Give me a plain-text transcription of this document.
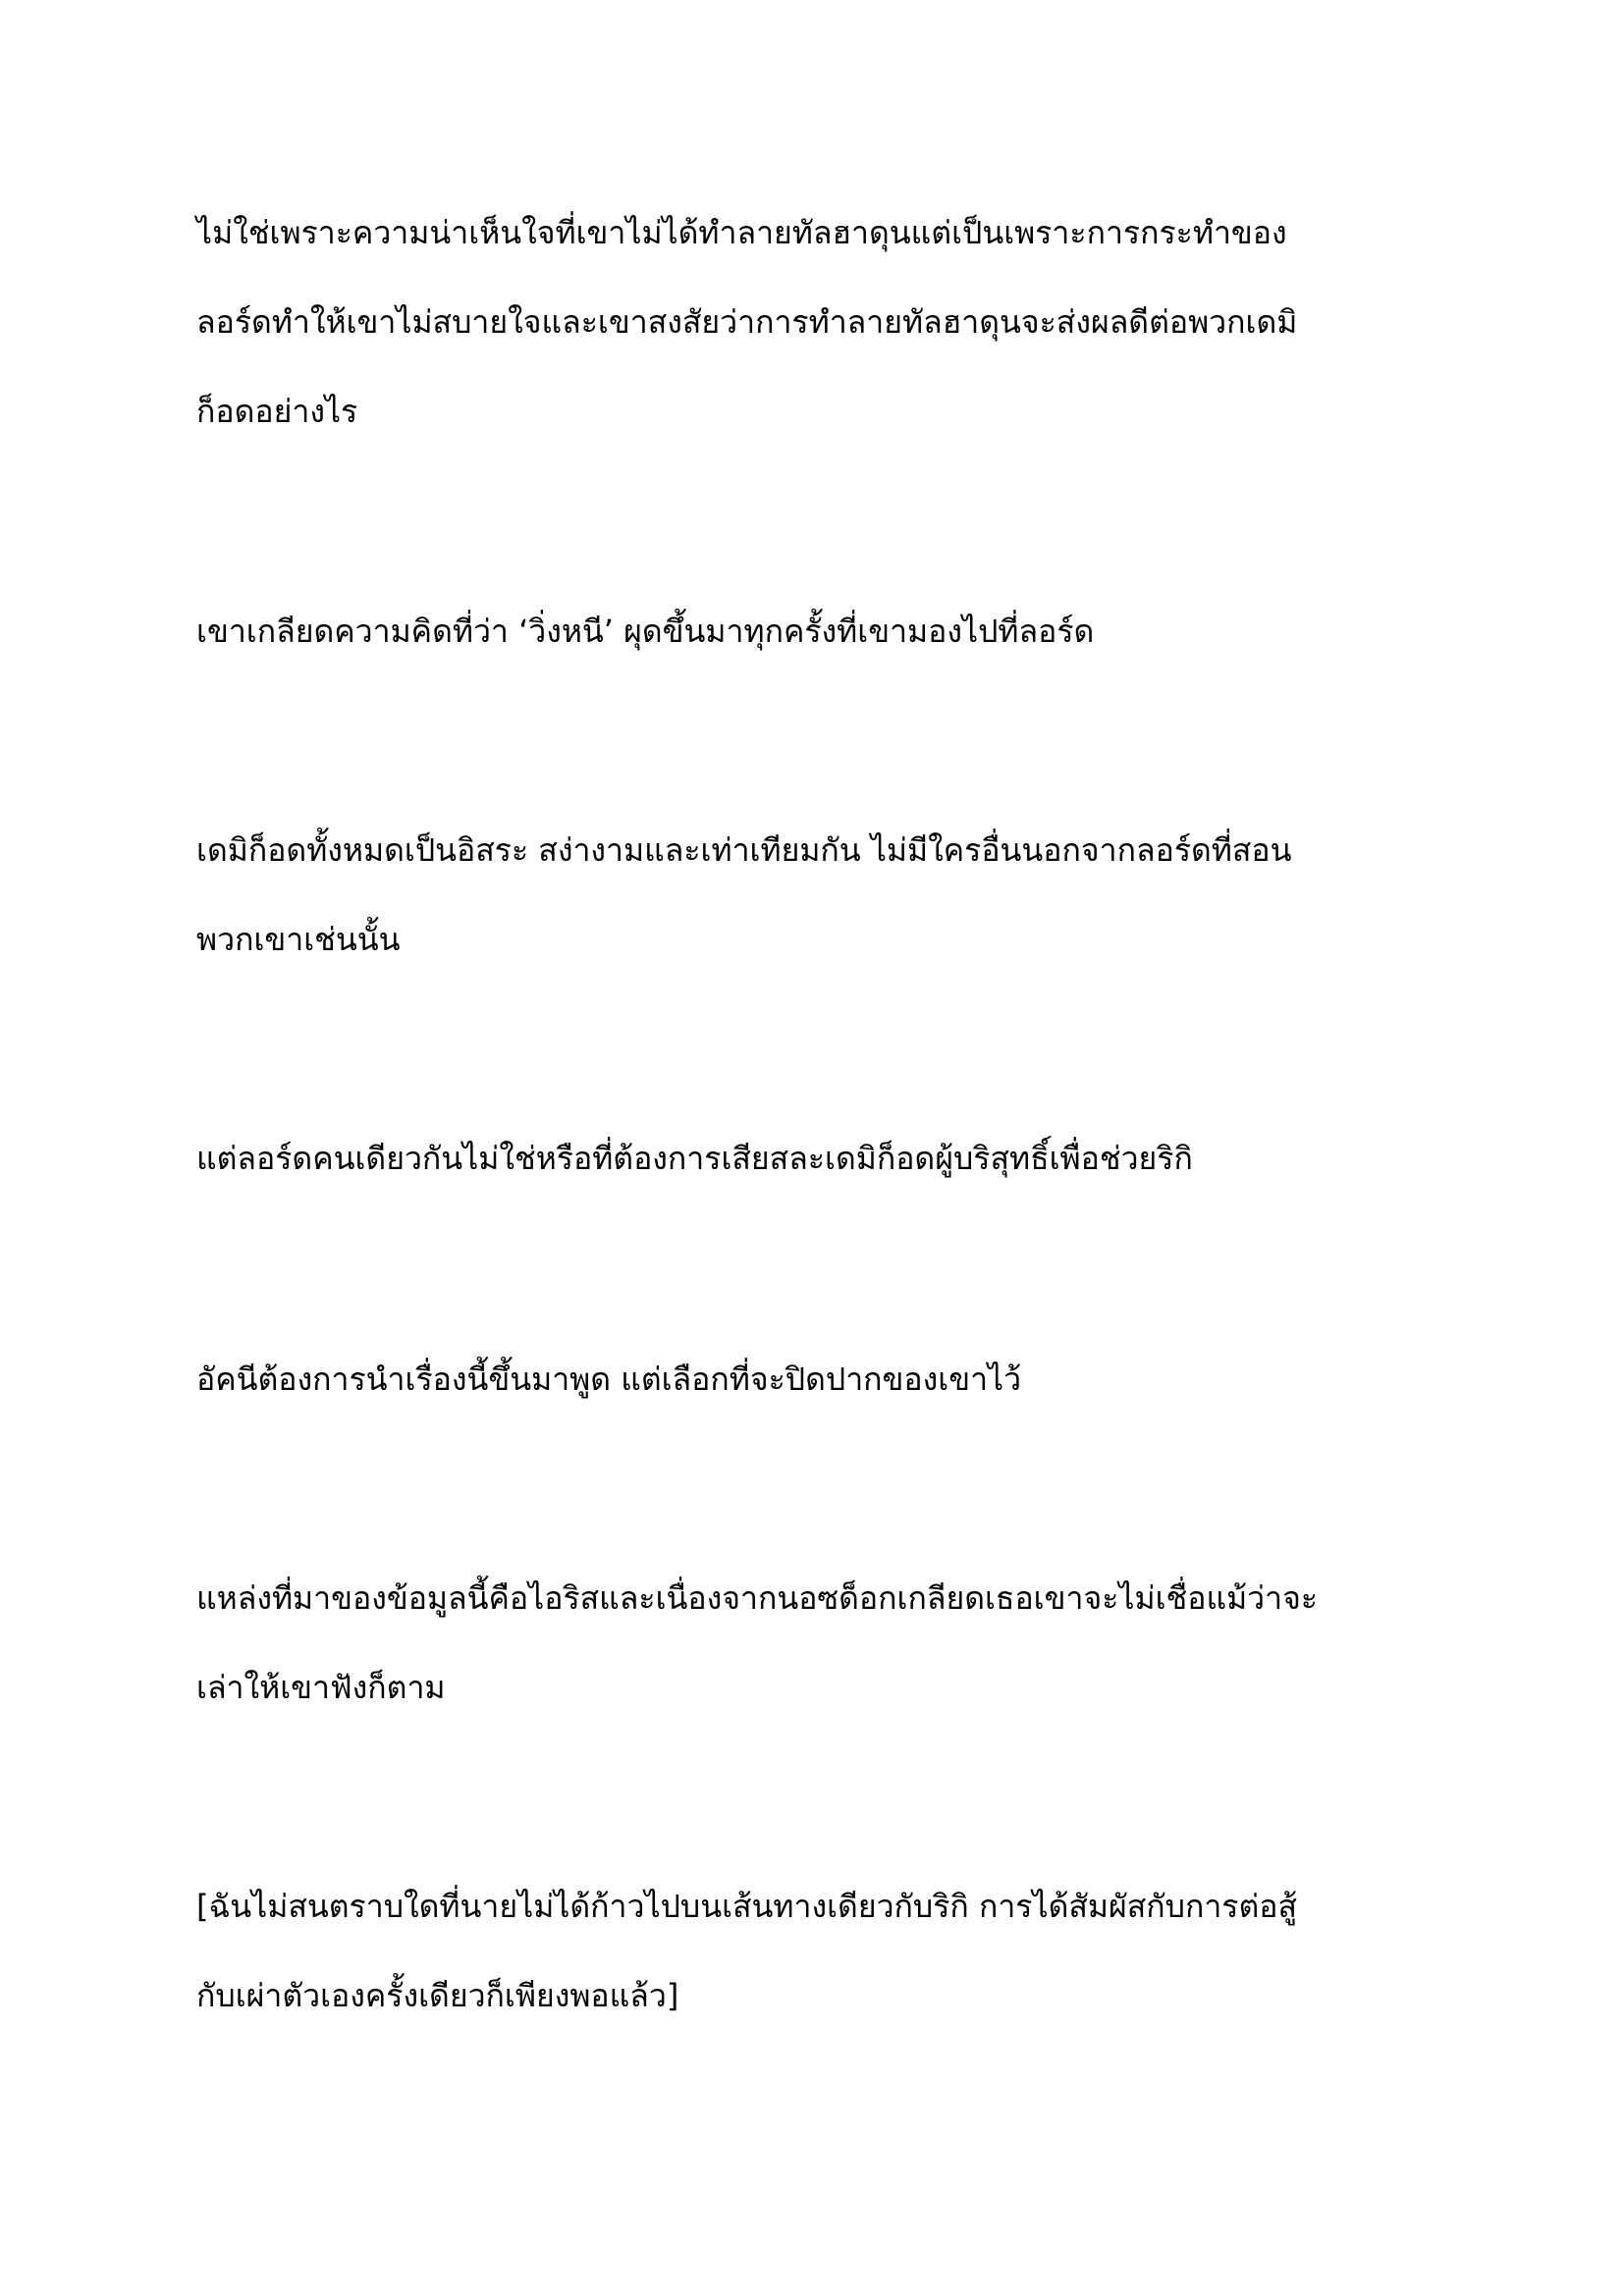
ไม่ใช่เพราะความน่าเห็นใจที่เขาไม่ได้ทำลายทัลฮาดุนแต่เป็นเพราะการกระทำของ

ลอร์ดทำให้เขาไม่สบายใจและเขาสงสัยว่าการทำลายทัลฮาดุนจะส่งผลดีต่อพวกเดมิ

ก็อดอย่างไร

เขาเกลียดความคิดที่ว่า ‘วิ่งหนี’ ผุดขึ้นมาทุกครั้งที่เขามองไปที่ลอร์ด

เดมิก็อดทั้งหมดเป็นอิสระ สง่างามและเท่าเทียมกัน ไม่มีใครอื่นนอกจากลอร์ดที่สอน

พวกเขาเช่นนั้น

แต่ลอร์ดคนเดียวกันไม่ใช่หรือที่ต้องการเสียสละเดมิก็อดผู้บริสุทธิ์เพื่อช่วยริกิ

อัคนีต้องการนำเรื่องนี้ขึ้นมาพูด แต่เลือกที่จะปิดปากของเขาไว้

แหล่งที่มาของข้อมูลนี้คือไอริสและเนื่องจากนอซด็อกเกลียดเธอเขาจะไม่เชื่อแม้ว่าจะ

เล่าให้เขาฟังก็ตาม

[ฉันไม่สนตราบใดที่นายไม่ได้ก้าวไปบนเส้นทางเดียวกับริกิ การได้สัมผัสกับการต่อสู้

กับเผ่าตัวเองครั้งเดียวก็เพียงพอแล้ว]
